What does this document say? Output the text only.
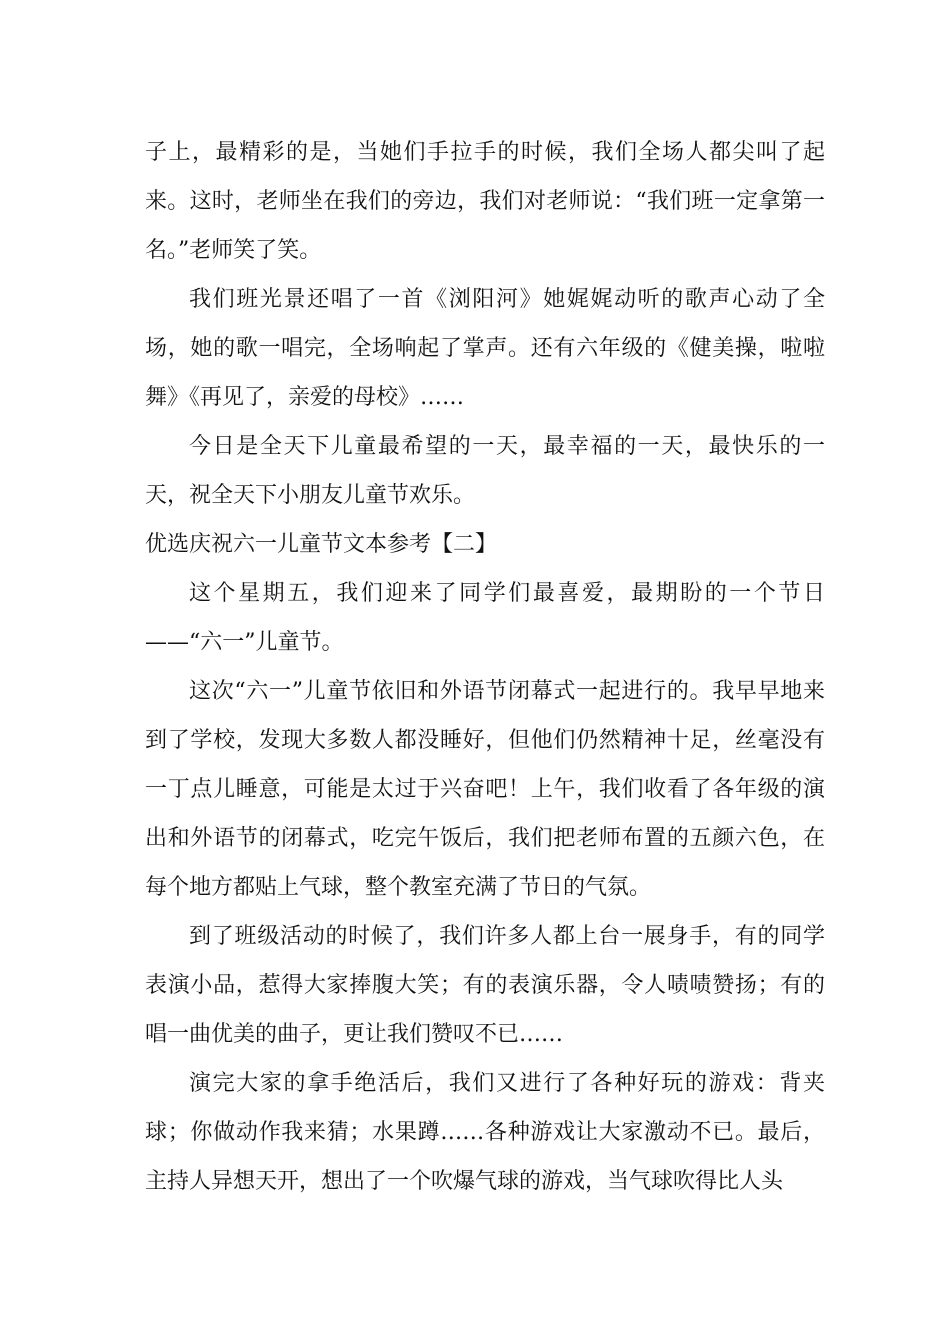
子上，最精彩的是，当她们手拉手的时候，我们全场人都尖叫了起来。这时，老师坐在我们的旁边，我们对老师说：“我们班一定拿第一名。”老师笑了笑。

我们班光景还唱了一首《浏阳河》她娓娓动听的歌声心动了全场，她的歌一唱完，全场响起了掌声。还有六年级的《健美操，啦啦舞》《再见了，亲爱的母校》……

今日是全天下儿童最希望的一天，最幸福的一天，最快乐的一天，祝全天下小朋友儿童节欢乐。

优选庆祝六一儿童节文本参考【二】

这个星期五，我们迎来了同学们最喜爱，最期盼的一个节日——“六一”儿童节。

这次“六一”儿童节依旧和外语节闭幕式一起进行的。我早早地来到了学校，发现大多数人都没睡好，但他们仍然精神十足，丝毫没有一丁点儿睡意，可能是太过于兴奋吧！上午，我们收看了各年级的演出和外语节的闭幕式，吃完午饭后，我们把老师布置的五颜六色，在每个地方都贴上气球，整个教室充满了节日的气氛。

到了班级活动的时候了，我们许多人都上台一展身手，有的同学表演小品，惹得大家捧腹大笑；有的表演乐器，令人啧啧赞扬；有的唱一曲优美的曲子，更让我们赞叹不已……

演完大家的拿手绝活后，我们又进行了各种好玩的游戏：背夹球；你做动作我来猜；水果蹲……各种游戏让大家激动不已。最后，主持人异想天开，想出了一个吹爆气球的游戏，当气球吹得比人头
